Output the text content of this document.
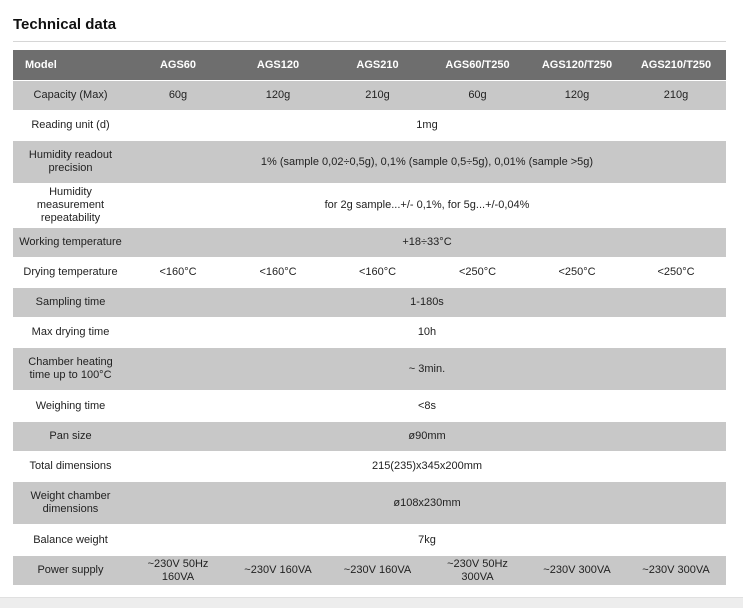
Technical data
Model	AGS60	AGS120	AGS210	AGS60/T250	AGS120/T250	AGS210/T250
Capacity (Max)	60g	120g	210g	60g	120g	210g
Reading unit (d)	1mg					
Humidity readout precision	1% (sample 0,02÷0,5g), 0,1% (sample 0,5÷5g), 0,01% (sample >5g)					
Humidity measurement repeatability	for 2g sample...+/- 0,1%, for 5g...+/-0,04%					
Working temperature	+18÷33°C					
Drying temperature	<160°C	<160°C	<160°C	<250°C	<250°C	<250°C
Sampling time	1-180s					
Max drying time	10h					
Chamber heating time up to 100°C	~ 3min.					
Weighing time	<8s					
Pan size	ø90mm					
Total dimensions	215(235)x345x200mm					
Weight chamber dimensions	ø108x230mm					
Balance weight	7kg					
Power supply	~230V 50Hz 160VA	~230V 160VA	~230V 160VA	~230V 50Hz 300VA	~230V 300VA	~230V 300VA
